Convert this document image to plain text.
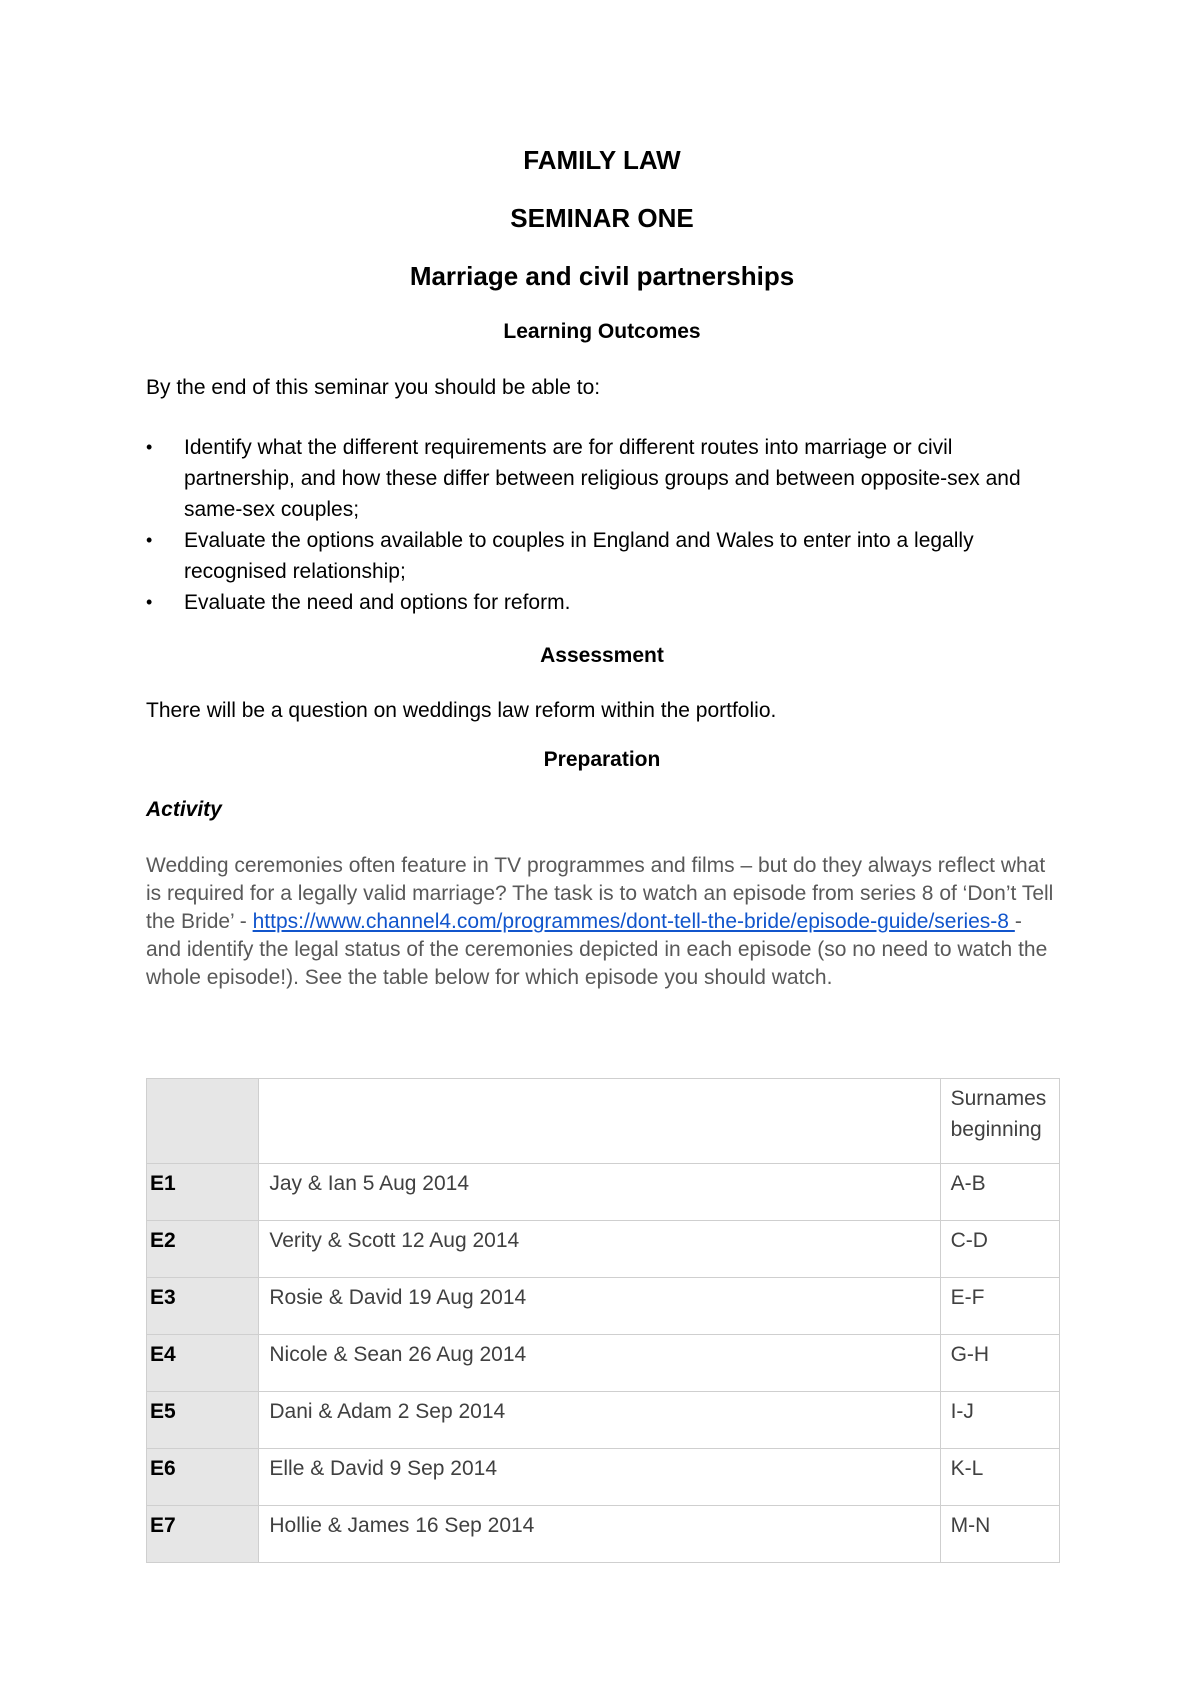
FAMILY LAW

SEMINAR ONE

Marriage and civil partnerships

Learning Outcomes

By the end of this seminar you should be able to:

• Identify what the different requirements are for different routes into marriage or civil partnership, and how these differ between religious groups and between opposite-sex and same-sex couples;
• Evaluate the options available to couples in England and Wales to enter into a legally recognised relationship;
• Evaluate the need and options for reform.

Assessment

There will be a question on weddings law reform within the portfolio.

Preparation

Activity

Wedding ceremonies often feature in TV programmes and films – but do they always reflect what is required for a legally valid marriage? The task is to watch an episode from series 8 of ‘Don’t Tell the Bride’ - https://www.channel4.com/programmes/dont-tell-the-bride/episode-guide/series-8 - and identify the legal status of the ceremonies depicted in each episode (so no need to watch the whole episode!). See the table below for which episode you should watch.

		Surnames beginning
E1	Jay & Ian 5 Aug 2014	A-B
E2	Verity & Scott 12 Aug 2014	C-D
E3	Rosie & David 19 Aug 2014	E-F
E4	Nicole & Sean 26 Aug 2014	G-H
E5	Dani & Adam 2 Sep 2014	I-J
E6	Elle & David 9 Sep 2014	K-L
E7	Hollie & James 16 Sep 2014	M-N
